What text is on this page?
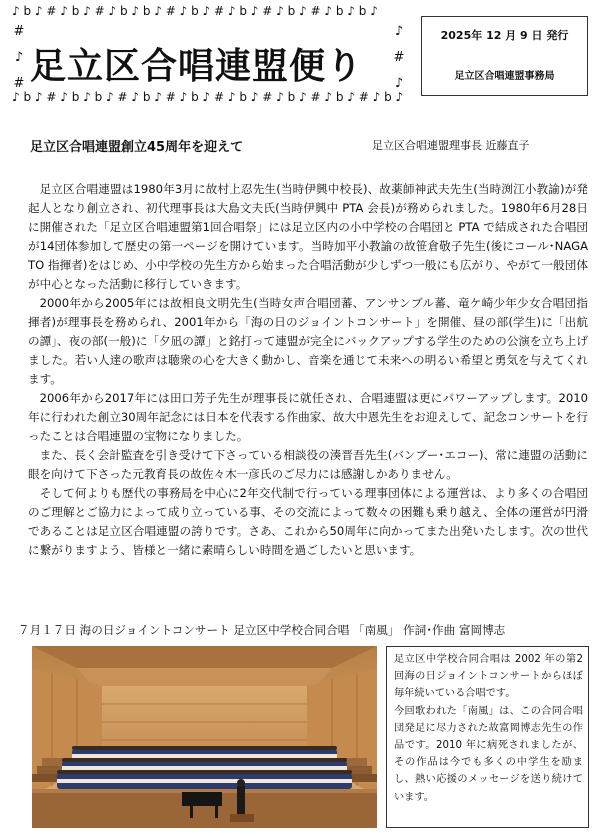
♪ b ♪ # ♪ b ♪ # ♪ b ♪ b ♪ # ♪ b ♪ # ♪ b ♪ # ♪ b ♪ # ♪ b ♪ b ♪
♪ b ♪ # ♪ b ♪ b ♪ # ♪ b ♪ # ♪ b ♪ # ♪ b ♪ # ♪ b ♪ # ♪ b ♪ # ♪ b ♪
#
♪
#
♪
#
♪
足立区合唱連盟便り
2025年 12 月 9 日 発行
足立区合唱連盟事務局
足立区合唱連盟創立45周年を迎えて	足立区合唱連盟理事長 近藤直子

足立区合唱連盟は1980年3月に故村上忍先生(当時伊興中校長)、故薬師神武夫先生(当時渕江小教諭)が発起人となり創立され、初代理事長は大島文夫氏(当時伊興中 PTA 会長)が務められました。1980年6月28日に開催された「足立区合唱連盟第1回合唱祭」には足立区内の小中学校の合唱団と PTA で結成された合唱団が14団体参加して歴史の第一ページを開けています。当時加平小教諭の故笹倉敬子先生(後にコール･NAGATO 指揮者)をはじめ、小中学校の先生方から始まった合唱活動が少しずつ一般にも広がり、やがて一般団体が中心となった活動に移行していきます。

2000年から2005年には故相良文明先生(当時女声合唱団蕃、アンサンブル蕃、竜ケ崎少年少女合唱団指揮者)が理事長を務められ、2001年から「海の日のジョイントコンサート」を開催、昼の部(学生)に「出航の譚」、夜の部(一般)に「夕凪の譚」と銘打って連盟が完全にバックアップする学生のための公演を立ち上げました。若い人達の歌声は聴衆の心を大きく動かし、音楽を通じて未来への明るい希望と勇気を与えてくれます。

2006年から2017年には田口芳子先生が理事長に就任され、合唱連盟は更にパワーアップします。2010年に行われた創立30周年記念には日本を代表する作曲家、故大中恩先生をお迎えして、記念コンサートを行ったことは合唱連盟の宝物になりました。

また、長く会計監査を引き受けて下さっている相談役の湊晋吾先生(バンブー･エコー)、常に連盟の活動に眼を向けて下さった元教育長の故佐々木一彦氏のご尽力には感謝しかありません。

そして何よりも歴代の事務局を中心に2年交代制で行っている理事団体による運営は、より多くの合唱団のご理解とご協力によって成り立っている事、その交流によって数々の困難も乗り越え、全体の運営が円滑であることは足立区合唱連盟の誇りです。さあ、これから50周年に向かってまた出発いたします。次の世代に繋がりますよう、皆様と一緒に素晴らしい時間を過ごしたいと思います。

７月１７日 海の日ジョイントコンサート 足立区中学校合同合唱 「南風」 作詞･作曲 富岡博志

足立区中学校合同合唱は 2002 年の第2回海の日ジョイントコンサートからほぼ毎年続いている合唱です。

今回歌われた「南風」は、この合同合唱団発足に尽力された故富岡博志先生の作品です。2010 年に病死されましたが、その作品は今でも多くの中学生を励まし、熱い応援のメッセージを送り続けています。
